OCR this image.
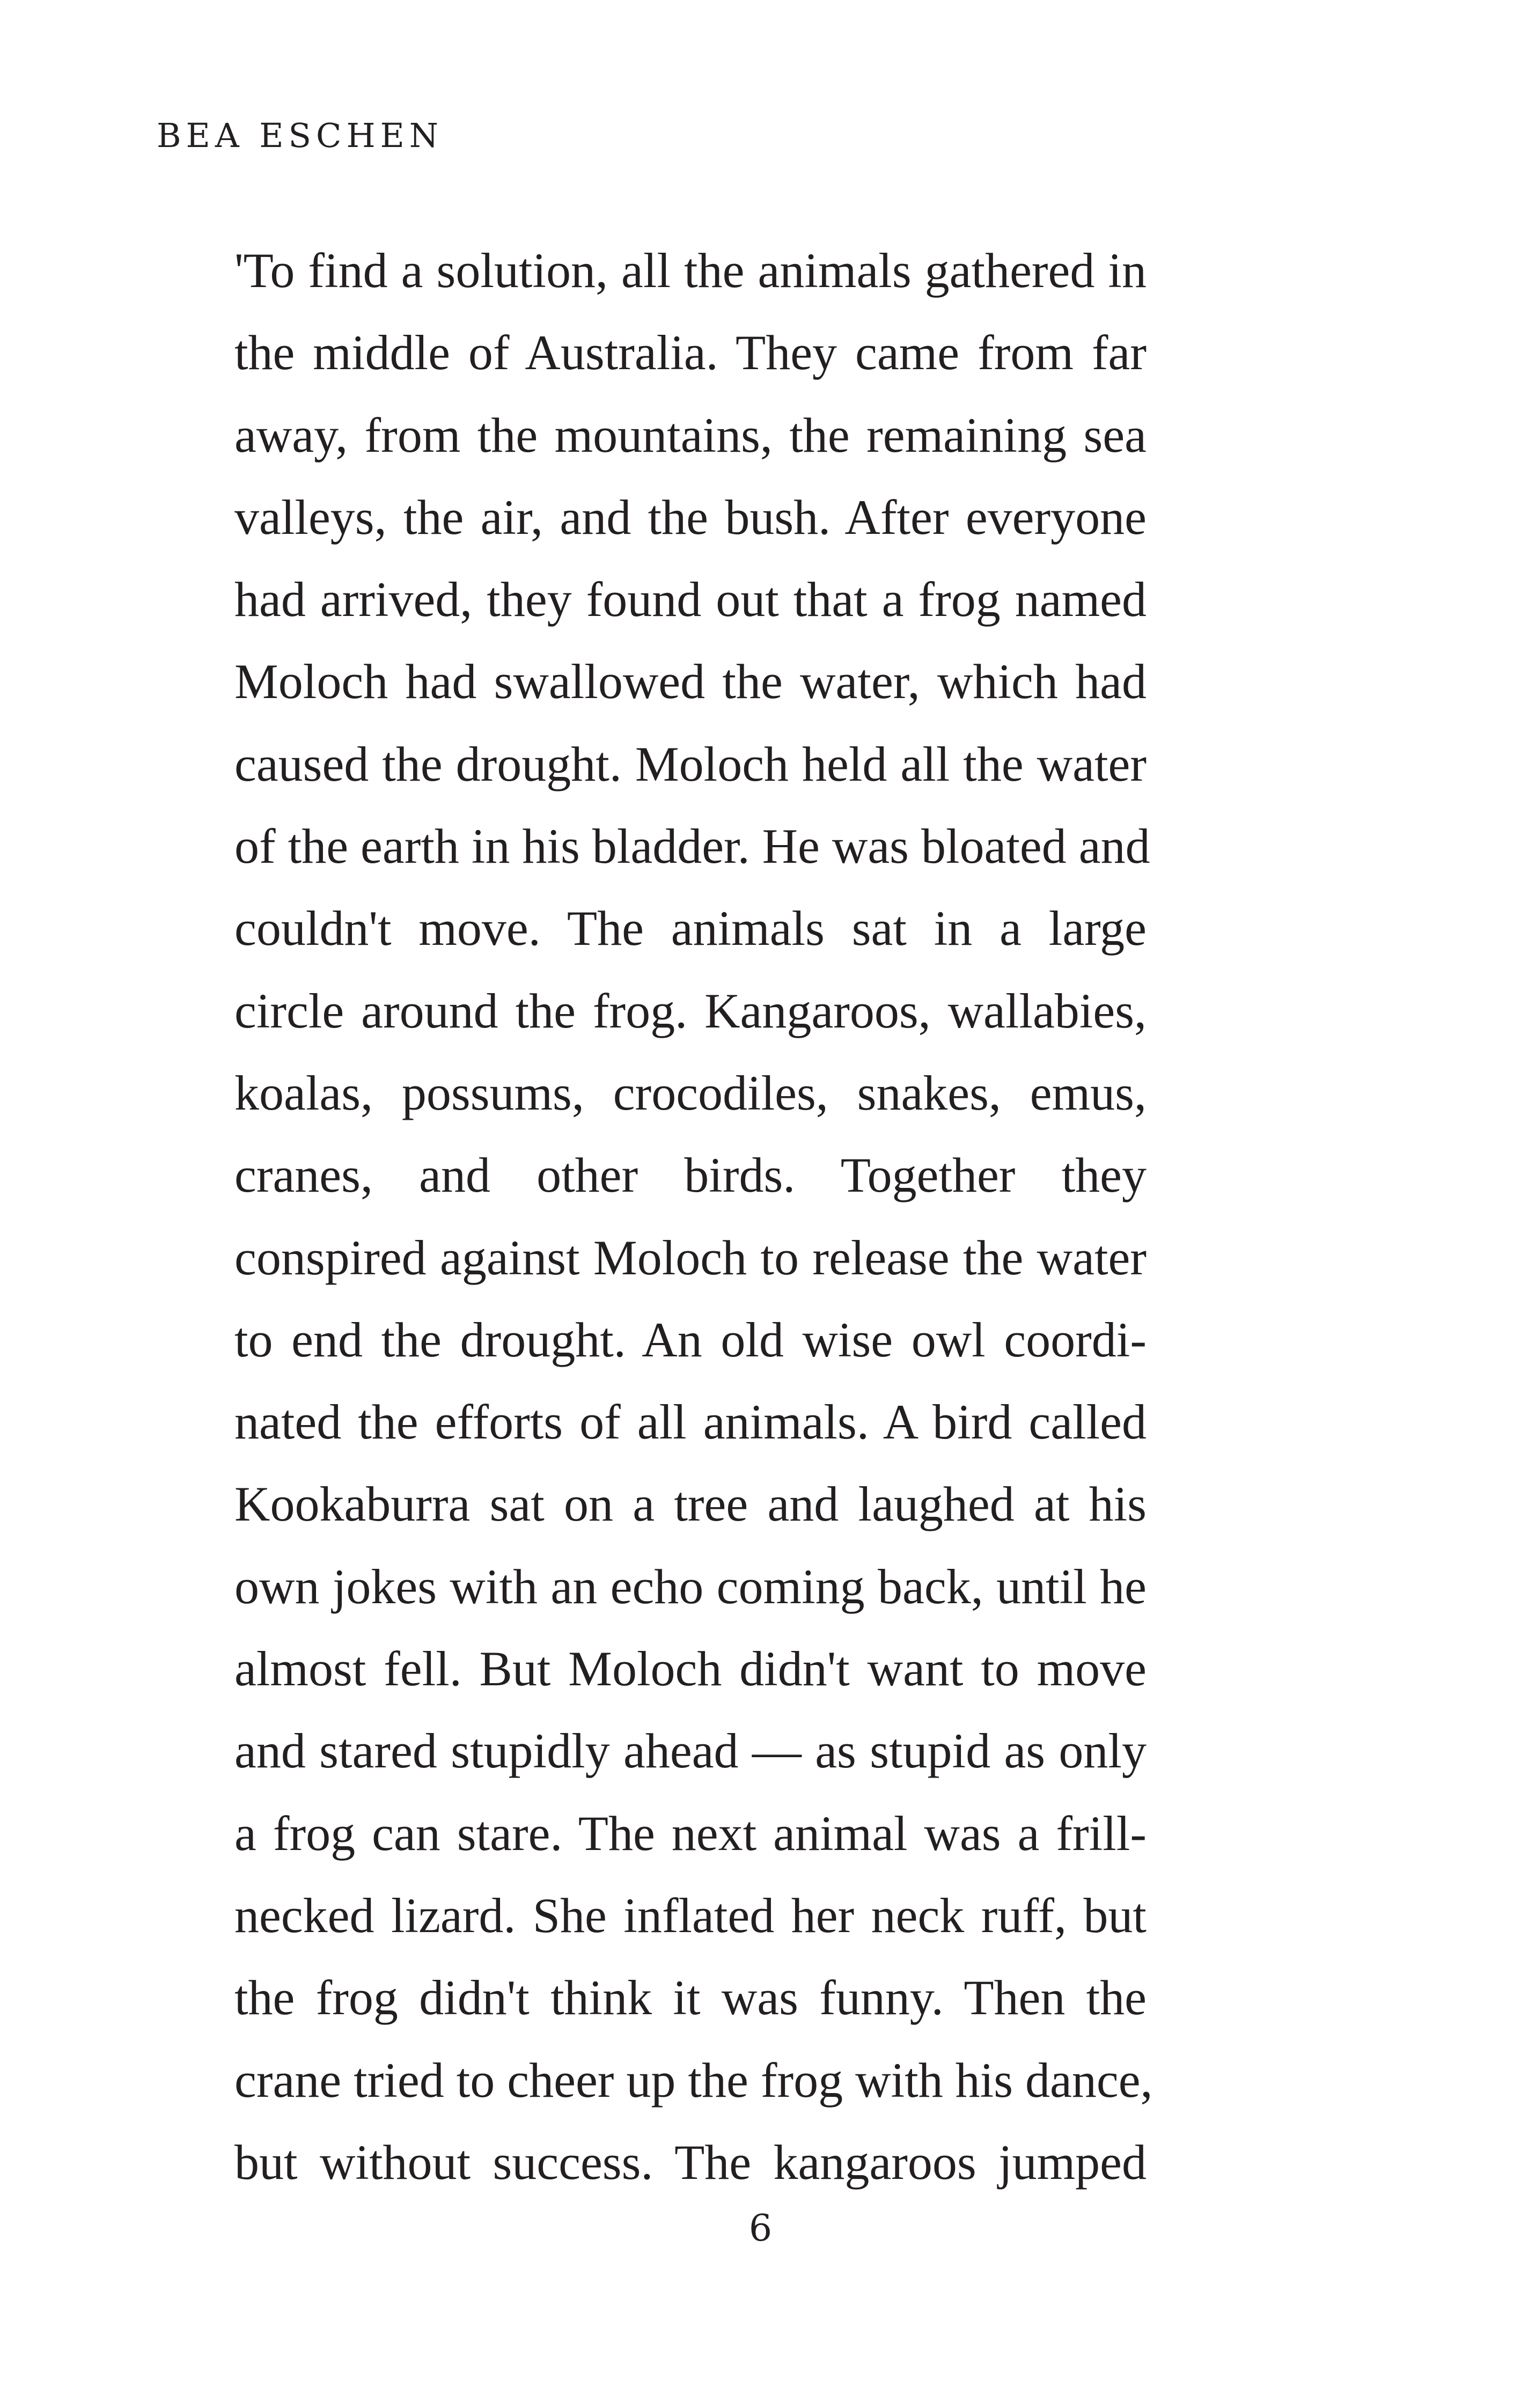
BEA ESCHEN
'To find a solution, all the animals gathered in
the middle of Australia. They came from far
away, from the mountains, the remaining sea
valleys, the air, and the bush. After everyone
had arrived, they found out that a frog named
Moloch had swallowed the water, which had
caused the drought. Moloch held all the water
of the earth in his bladder. He was bloated and
couldn't move. The animals sat in a large
circle around the frog. Kangaroos, wallabies,
koalas, possums, crocodiles, snakes, emus,
cranes, and other birds. Together they
conspired against Moloch to release the water
to end the drought. An old wise owl coordi-
nated the efforts of all animals. A bird called
Kookaburra sat on a tree and laughed at his
own jokes with an echo coming back, until he
almost fell. But Moloch didn't want to move
and stared stupidly ahead — as stupid as only
a frog can stare. The next animal was a frill-
necked lizard. She inflated her neck ruff, but
the frog didn't think it was funny. Then the
crane tried to cheer up the frog with his dance,
but without success. The kangaroos jumped
6
